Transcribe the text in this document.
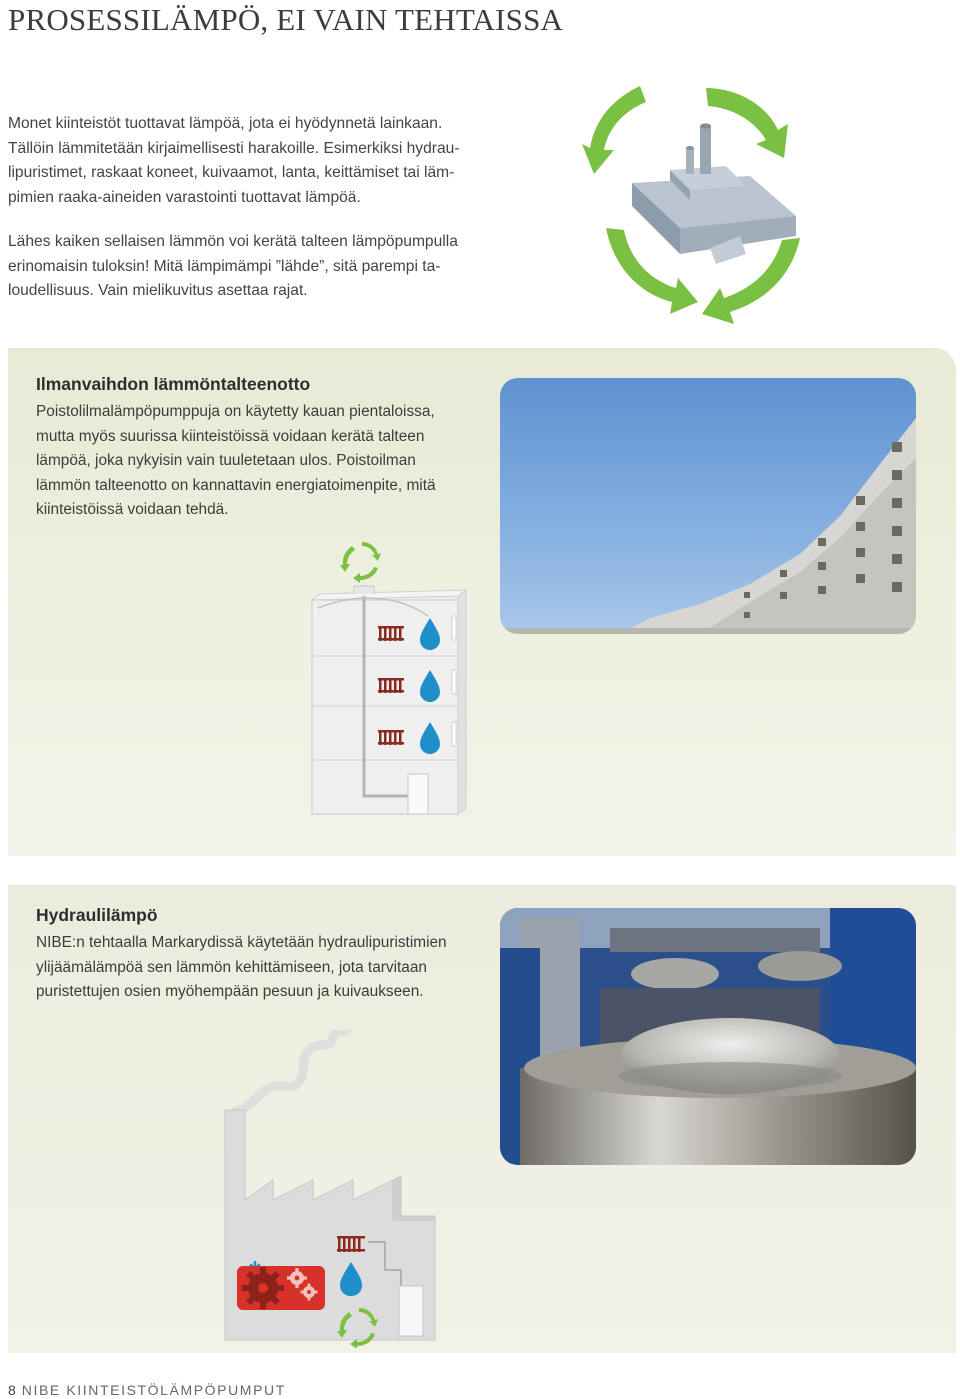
PROSESSILÄMPÖ, EI VAIN TEHTAISSA

Monet kiinteistöt tuottavat lämpöä, jota ei hyödynnetä lainkaan. Tällöin lämmitetään kirjaimellisesti harakoille. Esimerkiksi hydraulipuristimet, raskaat koneet, kuivaamot, lanta, keittämiset tai lämpimien raaka-aineiden varastointi tuottavat lämpöä.

Lähes kaiken sellaisen lämmön voi kerätä talteen lämpöpumpulla erinomaisin tuloksin! Mitä lämpimämpi ”lähde”, sitä parempi taloudellisuus. Vain mielikuvitus asettaa rajat.

Ilmanvaihdon lämmöntalteenotto

Poistolilmalämpöpumppuja on käytetty kauan pientaloissa, mutta myös suurissa kiinteistöissä voidaan kerätä talteen lämpöä, joka nykyisin vain tuuletetaan ulos. Poistoilman lämmön talteenotto on kannattavin energiatoimenpite, mitä kiinteistöissä voidaan tehdä.

Hydraulilämpö

NIBE:n tehtaalla Markarydissä käytetään hydraulipuristimien ylijäämälämpöä sen lämmön kehittämiseen, jota tarvitaan puristettujen osien myöhempään pesuun ja kuivaukseen.

8 NIBE KIINTEISTÖLÄMPÖPUMPUT
